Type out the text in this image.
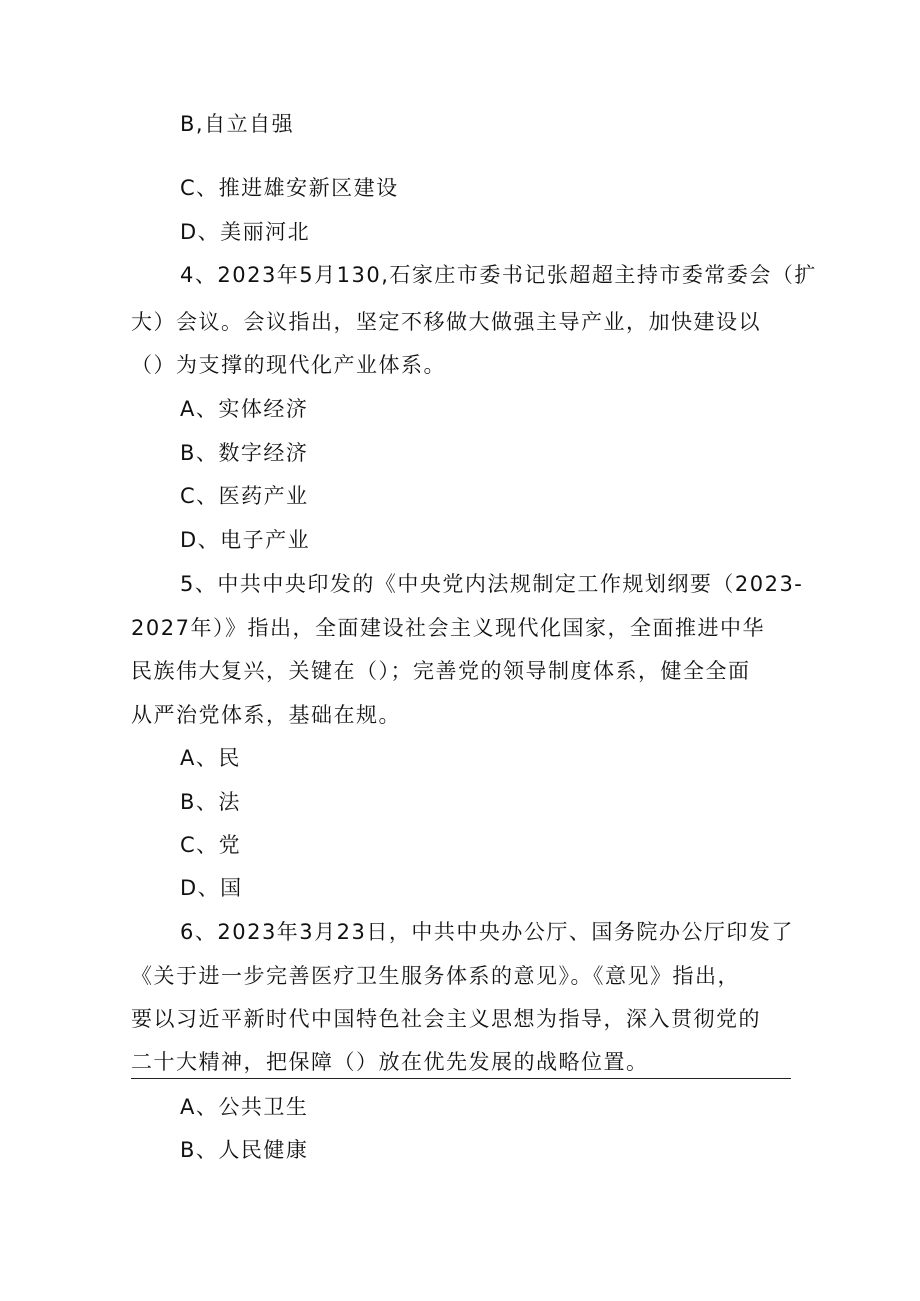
B,自立自强
C、推进雄安新区建设
D、美丽河北
4、2023年5月130,石家庄市委书记张超超主持市委常委会（扩
大）会议。会议指出，坚定不移做大做强主导产业，加快建设以
（）为支撑的现代化产业体系。
A、实体经济
B、数字经济
C、医药产业
D、电子产业
5、中共中央印发的《中央党内法规制定工作规划纲要（2023-
2027年）》指出，全面建设社会主义现代化国家，全面推进中华
民族伟大复兴，关键在（）；完善党的领导制度体系，健全全面
从严治党体系，基础在规。
A、民
B、法
C、党
D、国
6、2023年3月23日，中共中央办公厅、国务院办公厅印发了
《关于进一步完善医疗卫生服务体系的意见》。《意见》指出，
要以习近平新时代中国特色社会主义思想为指导，深入贯彻党的
二十大精神，把保障（）放在优先发展的战略位置。
A、公共卫生
B、人民健康
